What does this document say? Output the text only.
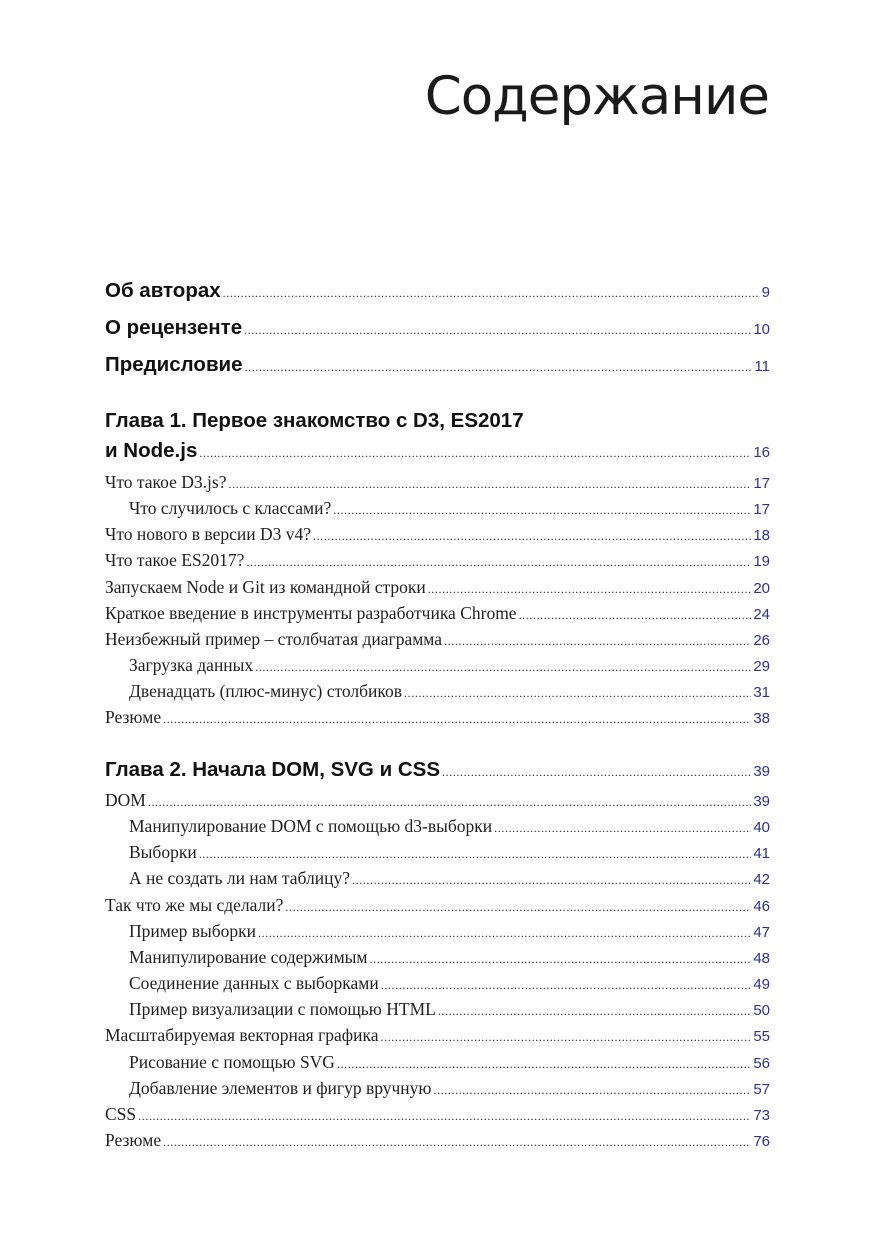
Содержание
Об авторах .....	9
О рецензенте .....	10
Предисловие .....	11
Глава 1. Первое знакомство с D3, ES2017
и Node.js .....	16
Что такое D3.js? .....	17
Что случилось с классами? .....	17
Что нового в версии D3 v4? .....	18
Что такое ES2017? .....	19
Запускаем Node и Git из командной строки .....	20
Краткое введение в инструменты разработчика Chrome .....	24
Неизбежный пример – столбчатая диаграмма .....	26
Загрузка данных .....	29
Двенадцать (плюс-минус) столбиков .....	31
Резюме .....	38
Глава 2. Начала DOM, SVG и CSS .....	39
DOM .....	39
Манипулирование DOM с помощью d3-выборки .....	40
Выборки .....	41
А не создать ли нам таблицу? .....	42
Так что же мы сделали? .....	46
Пример выборки .....	47
Манипулирование содержимым .....	48
Соединение данных с выборками .....	49
Пример визуализации с помощью HTML .....	50
Масштабируемая векторная графика .....	55
Рисование с помощью SVG .....	56
Добавление элементов и фигур вручную .....	57
CSS .....	73
Резюме .....	76
